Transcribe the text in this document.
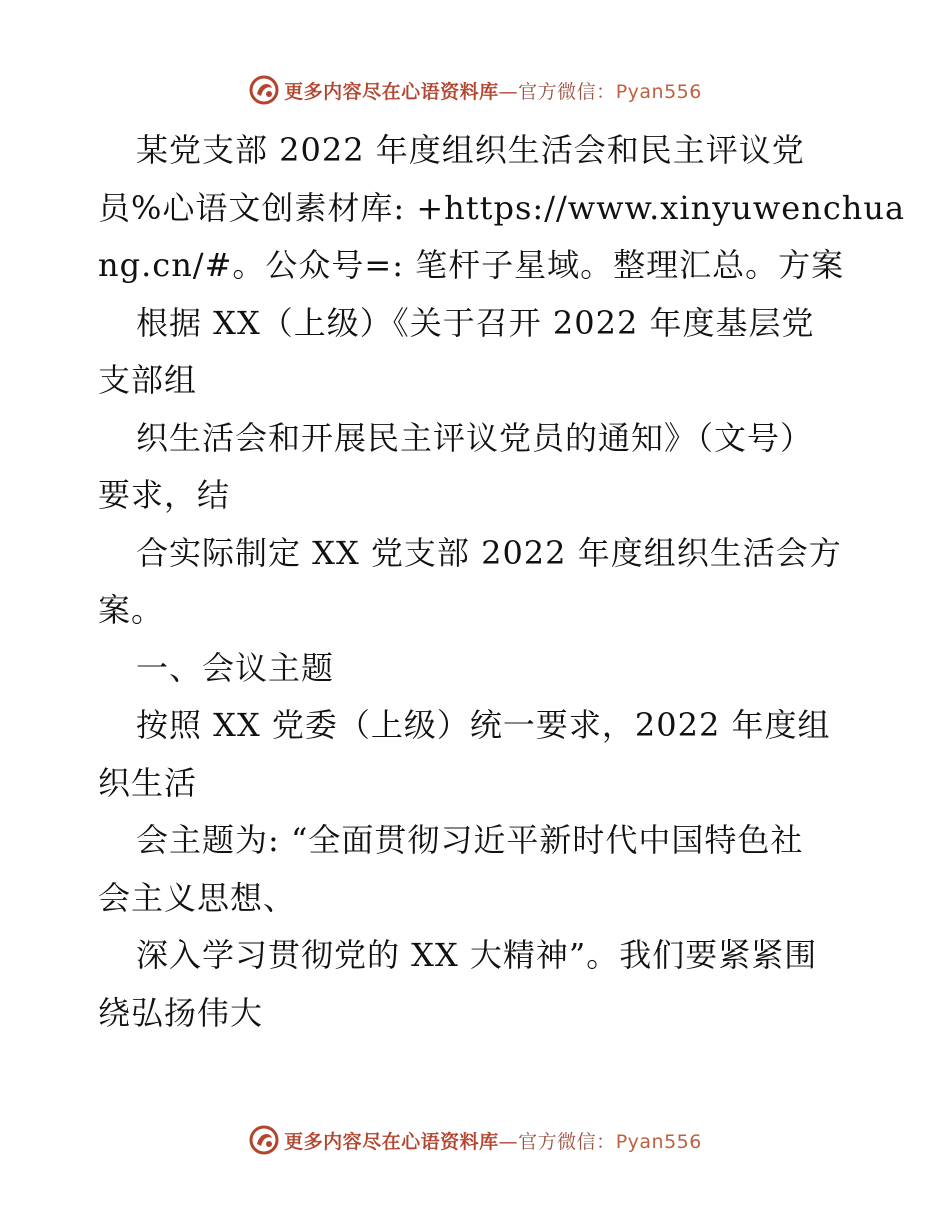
更多内容尽在心语资料库—官方微信：Pyan556
某党支部 2022 年度组织生活会和民主评议党
员%心语文创素材库: +https://www.xinyuwenchua
ng.cn/#。公众号=: 笔杆子星域。整理汇总。方案
根据 XX（上级）《关于召开 2022 年度基层党
支部组
织生活会和开展民主评议党员的通知》（文号）
要求，结
合实际制定 XX 党支部 2022 年度组织生活会方
案。
一、会议主题
按照 XX 党委（上级）统一要求，2022 年度组
织生活
会主题为: “全面贯彻习近平新时代中国特色社
会主义思想、
深入学习贯彻党的 XX 大精神”。我们要紧紧围
绕弘扬伟大
更多内容尽在心语资料库—官方微信：Pyan556
